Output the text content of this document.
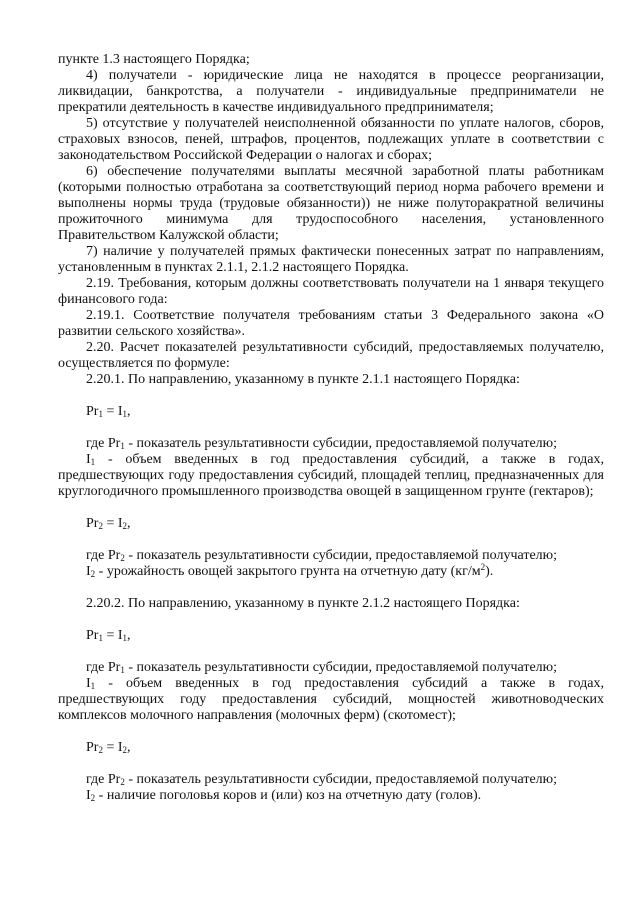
пункте 1.3 настоящего Порядка;

4) получатели - юридические лица не находятся в процессе реорганизации, ликвидации, банкротства, а получатели - индивидуальные предприниматели не прекратили деятельность в качестве индивидуального предпринимателя;

5) отсутствие у получателей неисполненной обязанности по уплате налогов, сборов, страховых взносов, пеней, штрафов, процентов, подлежащих уплате в соответствии с законодательством Российской Федерации о налогах и сборах;

6) обеспечение получателями выплаты месячной заработной платы работникам (которыми полностью отработана за соответствующий период норма рабочего времени и выполнены нормы труда (трудовые обязанности)) не ниже полуторакратной величины прожиточного минимума для трудоспособного населения, установленного Правительством Калужской области;

7) наличие у получателей прямых фактически понесенных затрат по направлениям, установленным в пунктах 2.1.1, 2.1.2 настоящего Порядка.

2.19. Требования, которым должны соответствовать получатели на 1 января текущего финансового года:

2.19.1. Соответствие получателя требованиям статьи 3 Федерального закона «О развитии сельского хозяйства».

2.20. Расчет показателей результативности субсидий, предоставляемых получателю, осуществляется по формуле:

2.20.1. По направлению, указанному в пункте 2.1.1 настоящего Порядка:

$Pr_1 = I_1$,

где $Pr_1$ - показатель результативности субсидии, предоставляемой получателю;

$I_1$ - объем введенных в год предоставления субсидий, а также в годах, предшествующих году предоставления субсидий, площадей теплиц, предназначенных для круглогодичного промышленного производства овощей в защищенном грунте (гектаров);

$Pr_2 = I_2$,

где $Pr_2$ - показатель результативности субсидии, предоставляемой получателю;

$I_2$ - урожайность овощей закрытого грунта на отчетную дату $(кг/м^2)$.

2.20.2. По направлению, указанному в пункте 2.1.2 настоящего Порядка:

$Pr_1 = I_1$,

где $Pr_1$ - показатель результативности субсидии, предоставляемой получателю;

$I_1$ - объем введенных в год предоставления субсидий а также в годах, предшествующих году предоставления субсидий, мощностей животноводческих комплексов молочного направления (молочных ферм) (скотомест);

$Pr_2 = I_2$,

где $Pr_2$ - показатель результативности субсидии, предоставляемой получателю;

$I_2$ - наличие поголовья коров и (или) коз на отчетную дату (голов).
